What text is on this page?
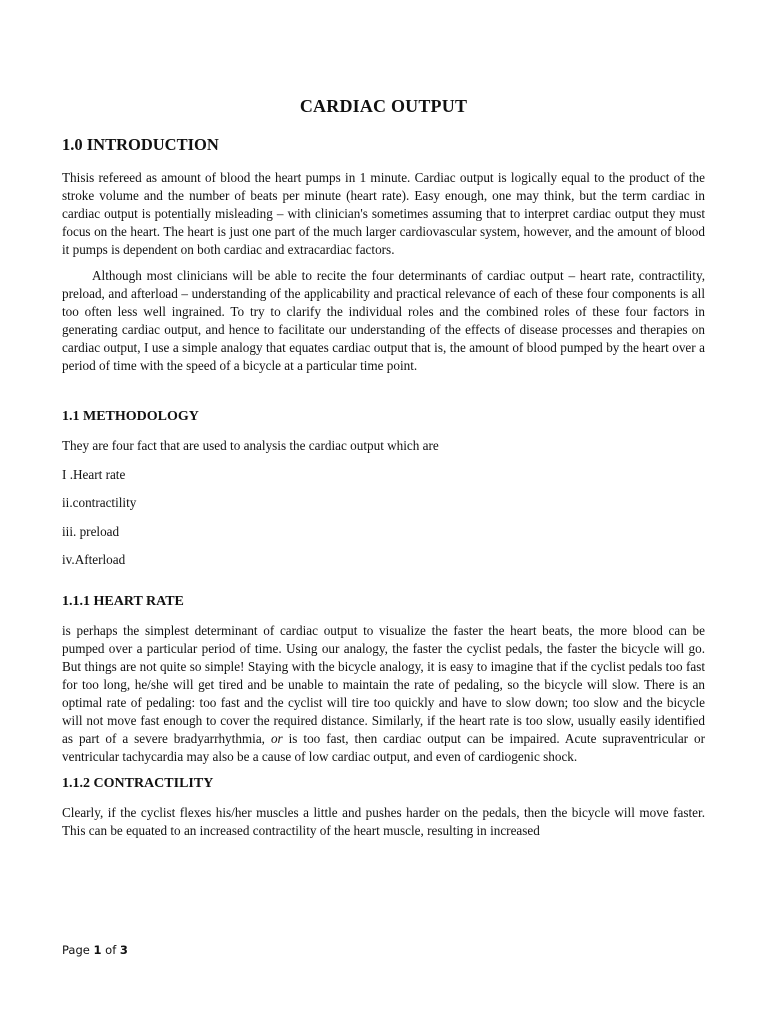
CARDIAC OUTPUT
1.0 INTRODUCTION

Thisis refereed as amount of blood the heart pumps in 1 minute. Cardiac output is logically equal to the product of the stroke volume and the number of beats per minute (heart rate). Easy enough, one may think, but the term cardiac in cardiac output is potentially misleading – with clinician's sometimes assuming that to interpret cardiac output they must focus on the heart. The heart is just one part of the much larger cardiovascular system, however, and the amount of blood it pumps is dependent on both cardiac and extracardiac factors.

Although most clinicians will be able to recite the four determinants of cardiac output – heart rate, contractility, preload, and afterload – understanding of the applicability and practical relevance of each of these four components is all too often less well ingrained. To try to clarify the individual roles and the combined roles of these four factors in generating cardiac output, and hence to facilitate our understanding of the effects of disease processes and therapies on cardiac output, I use a simple analogy that equates cardiac output that is, the amount of blood pumped by the heart over a period of time with the speed of a bicycle at a particular time point.

1.1 METHODOLOGY

They are four fact that are used to analysis the cardiac output which are

I .Heart rate

ii.contractility

iii. preload

iv.Afterload

1.1.1 HEART RATE

is perhaps the simplest determinant of cardiac output to visualize the faster the heart beats, the more blood can be pumped over a particular period of time. Using our analogy, the faster the cyclist pedals, the faster the bicycle will go. But things are not quite so simple! Staying with the bicycle analogy, it is easy to imagine that if the cyclist pedals too fast for too long, he/she will get tired and be unable to maintain the rate of pedaling, so the bicycle will slow. There is an optimal rate of pedaling: too fast and the cyclist will tire too quickly and have to slow down; too slow and the bicycle will not move fast enough to cover the required distance. Similarly, if the heart rate is too slow, usually easily identified as part of a severe bradyarrhythmia, or is too fast, then cardiac output can be impaired. Acute supraventricular or ventricular tachycardia may also be a cause of low cardiac output, and even of cardiogenic shock.

1.1.2 CONTRACTILITY

Clearly, if the cyclist flexes his/her muscles a little and pushes harder on the pedals, then the bicycle will move faster. This can be equated to an increased contractility of the heart muscle, resulting in increased

Page 1 of 3
